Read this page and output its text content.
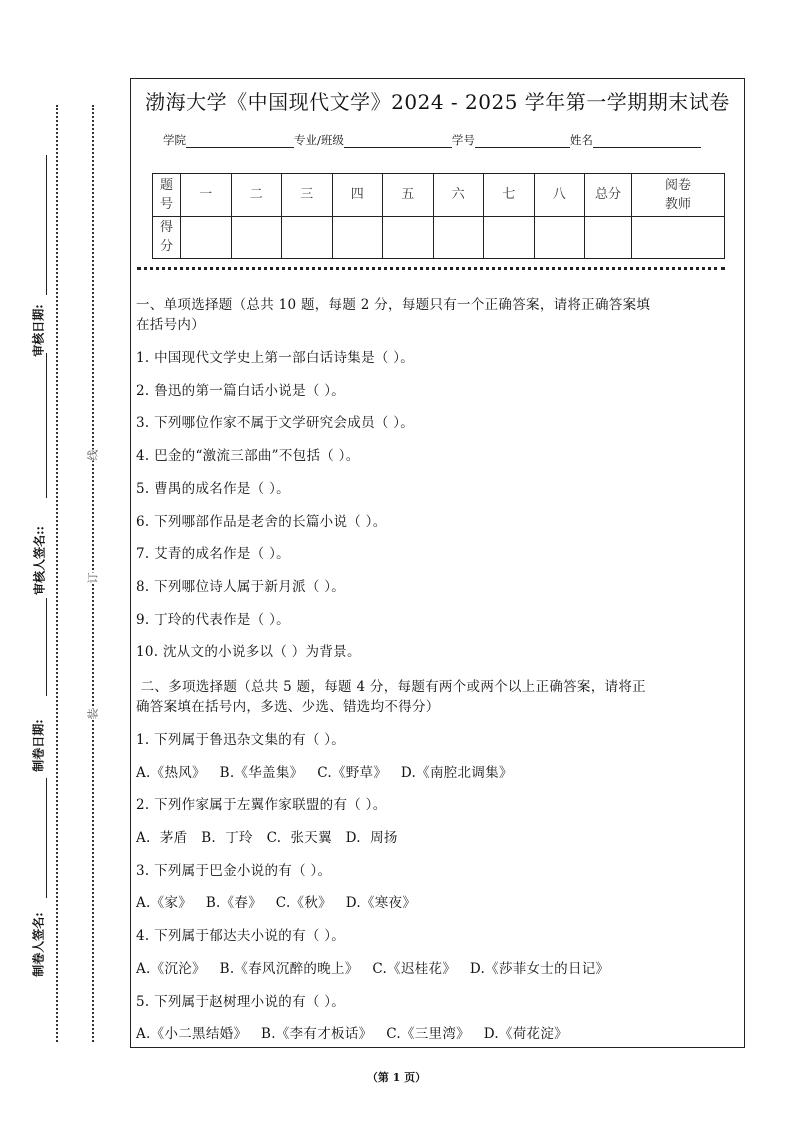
审核日期:
审核人签名::
制卷日期:
制卷人签名:
线
订
装
渤海大学《中国现代文学》2024 - 2025 学年第一学期期末试卷
学院	专业/班级	学号	姓名
题
号	一	二	三	四	五	六	七	八	总分	阅卷
教师
得
分										
一、单项选择题（总共 10 题，每题 2 分，每题只有一个正确答案，请将正确答案填
在括号内）
1. 中国现代文学史上第一部白话诗集是（ ）。
2. 鲁迅的第一篇白话小说是（ ）。
3. 下列哪位作家不属于文学研究会成员（ ）。
4. 巴金的“激流三部曲”不包括（ ）。
5. 曹禺的成名作是（ ）。
6. 下列哪部作品是老舍的长篇小说（ ）。
7. 艾青的成名作是（ ）。
8. 下列哪位诗人属于新月派（ ）。
9. 丁玲的代表作是（ ）。
10. 沈从文的小说多以（ ）为背景。
二、多项选择题（总共 5 题，每题 4 分，每题有两个或两个以上正确答案，请将正
确答案填在括号内，多选、少选、错选均不得分）
1. 下列属于鲁迅杂文集的有（ ）。
A.《热风》   B.《华盖集》   C.《野草》   D.《南腔北调集》
2. 下列作家属于左翼作家联盟的有（ ）。
A.  茅盾   B.  丁玲   C.  张天翼   D.  周扬
3. 下列属于巴金小说的有（ ）。
A.《家》   B.《春》   C.《秋》   D.《寒夜》
4. 下列属于郁达夫小说的有（ ）。
A.《沉沦》   B.《春风沉醉的晚上》   C.《迟桂花》   D.《莎菲女士的日记》
5. 下列属于赵树理小说的有（ ）。
A.《小二黑结婚》   B.《李有才板话》   C.《三里湾》   D.《荷花淀》
（第 1 页）
